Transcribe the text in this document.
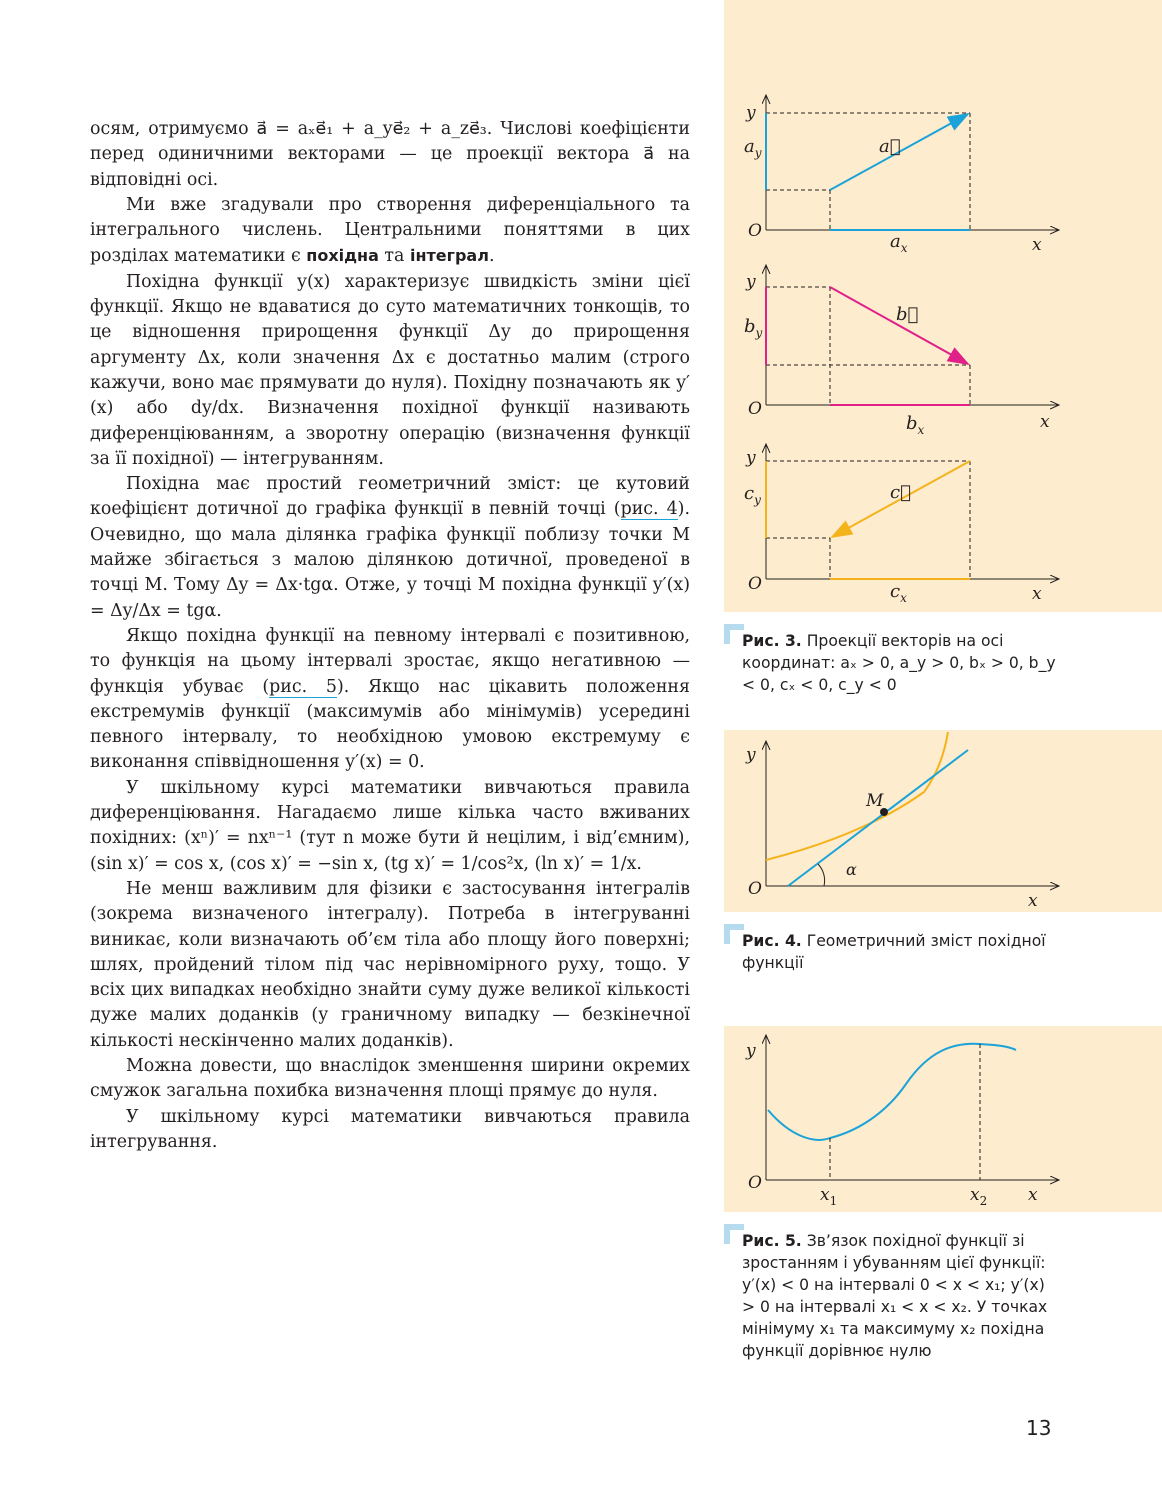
осям, отримуємо a⃗ = aₓe⃗₁ + a_ye⃗₂ + a_ze⃗₃. Числові коефіцієнти перед одиничними векторами — це проекції вектора a⃗ на відповідні осі.

Ми вже згадували про створення диференціального та інтегрального числень. Центральними поняттями в цих розділах математики є похідна та інтеграл.

Похідна функції y(x) характеризує швидкість зміни цієї функції. Якщо не вдаватися до суто математичних тонкощів, то це відношення прирощення функції Δy до прирощення аргументу Δx, коли значення Δx є достатньо малим (строго кажучи, воно має прямувати до нуля). Похідну позначають як y′(x) або dy/dx. Визначення похідної функції називають диференціюванням, а зворотну операцію (визначення функції за її похідної) — інтегруванням.

Похідна має простий геометричний зміст: це кутовий коефіцієнт дотичної до графіка функції в певній точці (рис. 4). Очевидно, що мала ділянка графіка функції поблизу точки M майже збігається з малою ділянкою дотичної, проведеної в точці M. Тому Δy = Δx·tgα. Отже, у точці M похідна функції y′(x) = Δy/Δx = tgα.

Якщо похідна функції на певному інтервалі є позитивною, то функція на цьому інтервалі зростає, якщо негативною — функція убуває (рис. 5). Якщо нас цікавить положення екстремумів функції (максимумів або мінімумів) усередині певного інтервалу, то необхідною умовою екстремуму є виконання співвідношення y′(x) = 0.

У шкільному курсі математики вивчаються правила диференціювання. Нагадаємо лише кілька часто вживаних похідних: (xⁿ)′ = nxⁿ⁻¹ (тут n може бути й нецілим, і від’ємним), (sin x)′ = cos x, (cos x)′ = −sin x, (tg x)′ = 1/cos²x, (ln x)′ = 1/x.

Не менш важливим для фізики є застосування інтегралів (зокрема визначеного інтегралу). Потреба в інтегруванні виникає, коли визначають об’єм тіла або площу його поверхні; шлях, пройдений тілом під час нерівномірного руху, тощо. У всіх цих випадках необхідно знайти суму дуже великої кількості дуже малих доданків (у граничному випадку — безкінечної кількості нескінченно малих доданків).

Можна довести, що внаслідок зменшення ширини окремих смужок загальна похибка визначення площі прямує до нуля.

У шкільному курсі математики вивчаються правила інтегрування.

y
O
x
a⃗
$a_y$
$a_x$
y
O
x
b⃗
$b_y$
$b_x$
y
O	x
c⃗
$c_y$
$c_x$
Рис. 3. Проекції векторів на осі координат: aₓ > 0, a_y > 0, bₓ > 0, b_y < 0, cₓ < 0, c_y < 0
y
O
x
M
α
Рис. 4. Геометричний зміст похідної функції
y
O
x
$x_1$	$x_2$
Рис. 5. Зв’язок похідної функції зі зростанням і убуванням цієї функції: y′(x) < 0 на інтервалі 0 < x < x₁; y′(x) > 0 на інтервалі x₁ < x < x₂. У точках мінімуму x₁ та максимуму x₂ похідна функції дорівнює нулю
13
